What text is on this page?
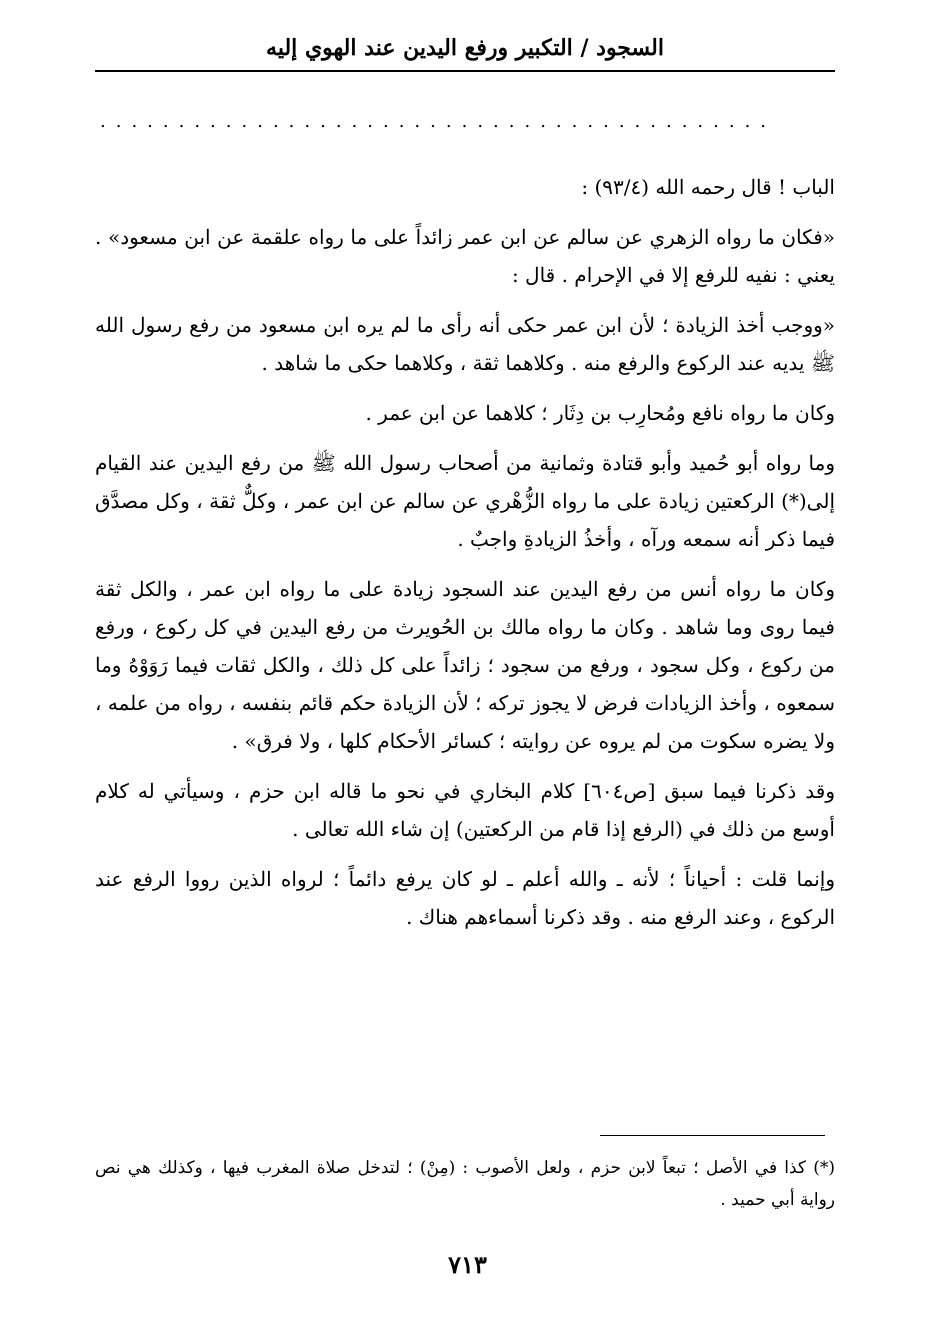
السجود / التكبير ورفع اليدين عند الهوي إليه
...........................................

الباب ! قال رحمه الله (٩٣/٤) :

«فكان ما رواه الزهري عن سالم عن ابن عمر زائداً على ما رواه علقمة عن ابن مسعود» . يعني : نفيه للرفع إلا في الإحرام . قال :

«ووجب أخذ الزيادة ؛ لأن ابن عمر حكى أنه رأى ما لم يره ابن مسعود من رفع رسول الله ﷺ يديه عند الركوع والرفع منه . وكلاهما ثقة ، وكلاهما حكى ما شاهد .

وكان ما رواه نافع ومُحارِب بن دِثَار ؛ كلاهما عن ابن عمر .

وما رواه أبو حُميد وأبو قتادة وثمانية من أصحاب رسول الله ﷺ من رفع اليدين عند القيام إلى(*) الركعتين زيادة على ما رواه الزُّهْري عن سالم عن ابن عمر ، وكلٌّ ثقة ، وكل مصدَّق فيما ذكر أنه سمعه ورآه ، وأخذُ الزيادةِ واجبٌ .

وكان ما رواه أنس من رفع اليدين عند السجود زيادة على ما رواه ابن عمر ، والكل ثقة فيما روى وما شاهد . وكان ما رواه مالك بن الحُويرث من رفع اليدين في كل ركوع ، ورفع من ركوع ، وكل سجود ، ورفع من سجود ؛ زائداً على كل ذلك ، والكل ثقات فيما رَوَوْهُ وما سمعوه ، وأخذ الزيادات فرض لا يجوز تركه ؛ لأن الزيادة حكم قائم بنفسه ، رواه من علمه ، ولا يضره سكوت من لم يروه عن روايته ؛ كسائر الأحكام كلها ، ولا فرق» .

وقد ذكرنا فيما سبق [ص٦٠٤] كلام البخاري في نحو ما قاله ابن حزم ، وسيأتي له كلام أوسع من ذلك في (الرفع إذا قام من الركعتين) إن شاء الله تعالى .

وإنما قلت : أحياناً ؛ لأنه ـ والله أعلم ـ لو كان يرفع دائماً ؛ لرواه الذين رووا الرفع عند الركوع ، وعند الرفع منه . وقد ذكرنا أسماءهم هناك .

(*) كذا في الأصل ؛ تبعاً لابن حزم ، ولعل الأصوب : (مِنْ) ؛ لتدخل صلاة المغرب فيها ، وكذلك هي نص رواية أبي حميد .

٧١٣
